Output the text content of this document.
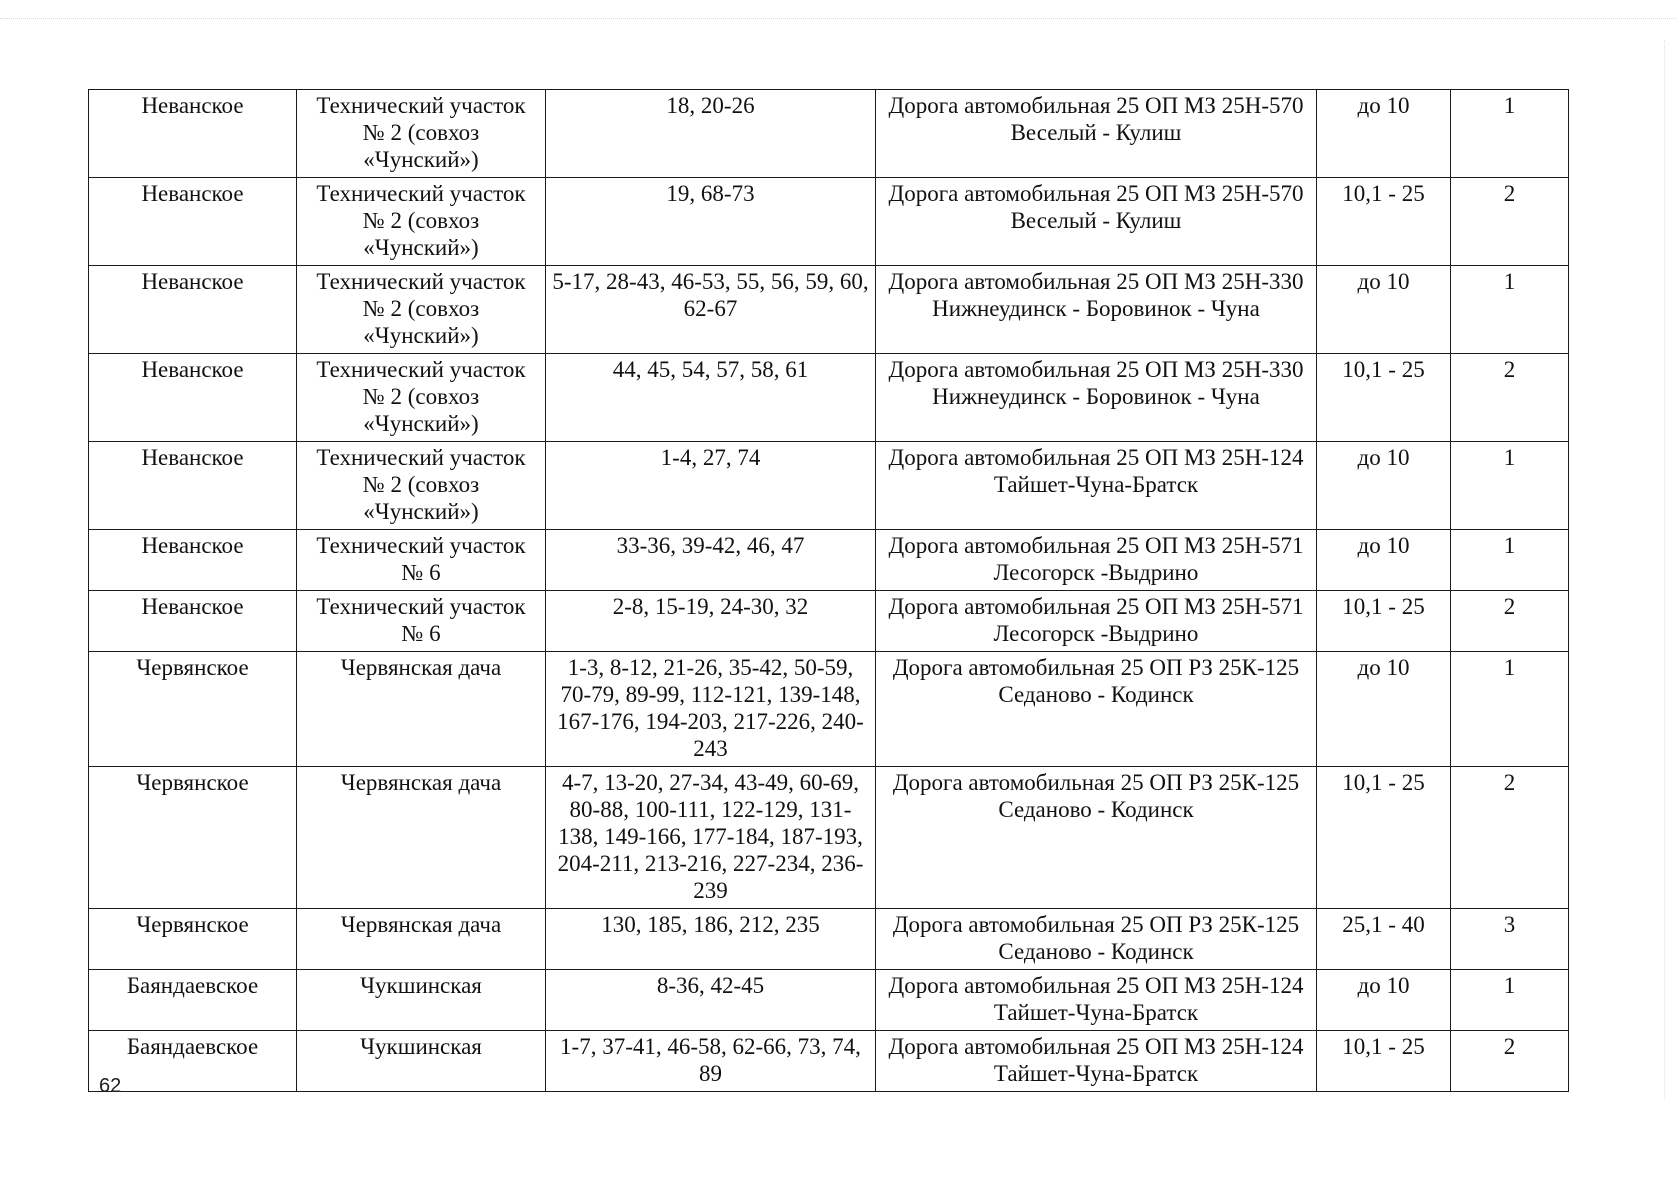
Неванское	Технический участок № 2 (совхоз «Чунский»)	18, 20-26	Дорога автомобильная 25 ОП МЗ 25Н-570 Веселый - Кулиш	до 10	1
Неванское	Технический участок № 2 (совхоз «Чунский»)	19, 68-73	Дорога автомобильная 25 ОП МЗ 25Н-570 Веселый - Кулиш	10,1 - 25	2
Неванское	Технический участок № 2 (совхоз «Чунский»)	5-17, 28-43, 46-53, 55, 56, 59, 60, 62-67	Дорога автомобильная 25 ОП МЗ 25Н-330 Нижнеудинск - Боровинок - Чуна	до 10	1
Неванское	Технический участок № 2 (совхоз «Чунский»)	44, 45, 54, 57, 58, 61	Дорога автомобильная 25 ОП МЗ 25Н-330 Нижнеудинск - Боровинок - Чуна	10,1 - 25	2
Неванское	Технический участок № 2 (совхоз «Чунский»)	1-4, 27, 74	Дорога автомобильная 25 ОП МЗ 25Н-124 Тайшет-Чуна-Братск	до 10	1
Неванское	Технический участок № 6	33-36, 39-42, 46, 47	Дорога автомобильная 25 ОП МЗ 25Н-571 Лесогорск -Выдрино	до 10	1
Неванское	Технический участок № 6	2-8, 15-19, 24-30, 32	Дорога автомобильная 25 ОП МЗ 25Н-571 Лесогорск -Выдрино	10,1 - 25	2
Червянское	Червянская дача	1-3, 8-12, 21-26, 35-42, 50-59, 70-79, 89-99, 112-121, 139-148, 167-176, 194-203, 217-226, 240-243	Дорога автомобильная 25 ОП РЗ 25К-125 Седаново - Кодинск	до 10	1
Червянское	Червянская дача	4-7, 13-20, 27-34, 43-49, 60-69, 80-88, 100-111, 122-129, 131-138, 149-166, 177-184, 187-193, 204-211, 213-216, 227-234, 236-239	Дорога автомобильная 25 ОП РЗ 25К-125 Седаново - Кодинск	10,1 - 25	2
Червянское	Червянская дача	130, 185, 186, 212, 235	Дорога автомобильная 25 ОП РЗ 25К-125 Седаново - Кодинск	25,1 - 40	3
Баяндаевское	Чукшинская	8-36, 42-45	Дорога автомобильная 25 ОП МЗ 25Н-124 Тайшет-Чуна-Братск	до 10	1
Баяндаевское	Чукшинская	1-7, 37-41, 46-58, 62-66, 73, 74, 89	Дорога автомобильная 25 ОП МЗ 25Н-124 Тайшет-Чуна-Братск	10,1 - 25	2
62
